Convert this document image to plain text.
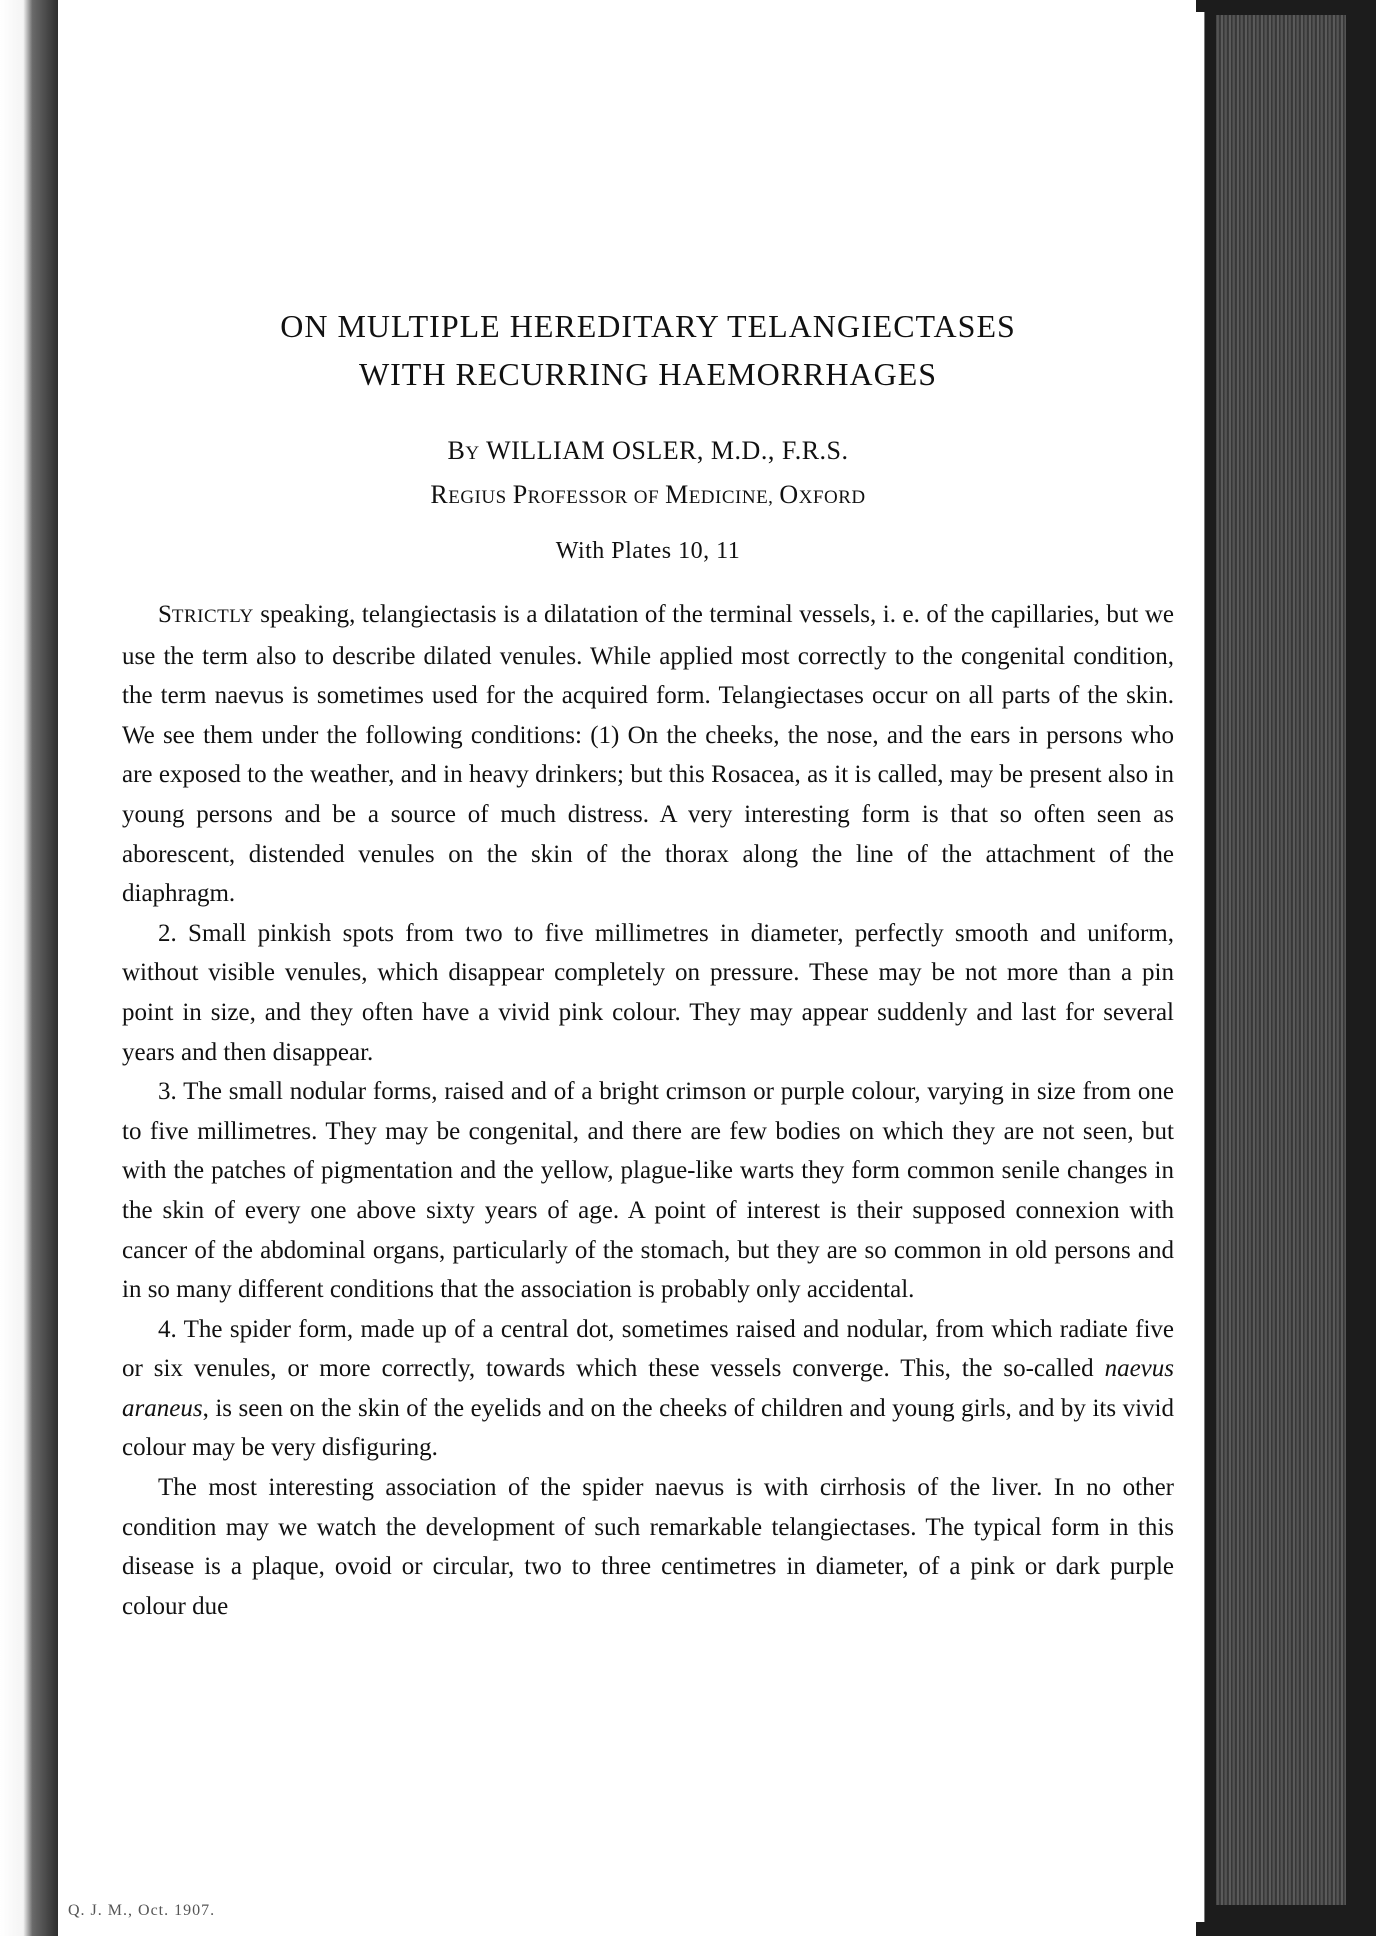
ON MULTIPLE HEREDITARY TELANGIECTASES
WITH RECURRING HAEMORRHAGES
BY WILLIAM OSLER, M.D., F.R.S.
REGIUS PROFESSOR OF MEDICINE, OXFORD
With Plates 10, 11

STRICTLY speaking, telangiectasis is a dilatation of the terminal vessels, i. e. of the capillaries, but we use the term also to describe dilated venules. While applied most correctly to the congenital condition, the term naevus is sometimes used for the acquired form. Telangiectases occur on all parts of the skin. We see them under the following conditions: (1) On the cheeks, the nose, and the ears in persons who are exposed to the weather, and in heavy drinkers; but this Rosacea, as it is called, may be present also in young persons and be a source of much distress. A very interesting form is that so often seen as aborescent, distended venules on the skin of the thorax along the line of the attachment of the diaphragm.

2. Small pinkish spots from two to five millimetres in diameter, perfectly smooth and uniform, without visible venules, which disappear completely on pressure. These may be not more than a pin point in size, and they often have a vivid pink colour. They may appear suddenly and last for several years and then disappear.

3. The small nodular forms, raised and of a bright crimson or purple colour, varying in size from one to five millimetres. They may be congenital, and there are few bodies on which they are not seen, but with the patches of pigmentation and the yellow, plague-like warts they form common senile changes in the skin of every one above sixty years of age. A point of interest is their supposed connexion with cancer of the abdominal organs, particularly of the stomach, but they are so common in old persons and in so many different conditions that the association is probably only accidental.

4. The spider form, made up of a central dot, sometimes raised and nodular, from which radiate five or six venules, or more correctly, towards which these vessels converge. This, the so-called naevus araneus, is seen on the skin of the eyelids and on the cheeks of children and young girls, and by its vivid colour may be very disfiguring.

The most interesting association of the spider naevus is with cirrhosis of the liver. In no other condition may we watch the development of such remarkable telangiectases. The typical form in this disease is a plaque, ovoid or circular, two to three centimetres in diameter, of a pink or dark purple colour due

Q. J. M., Oct. 1907.
